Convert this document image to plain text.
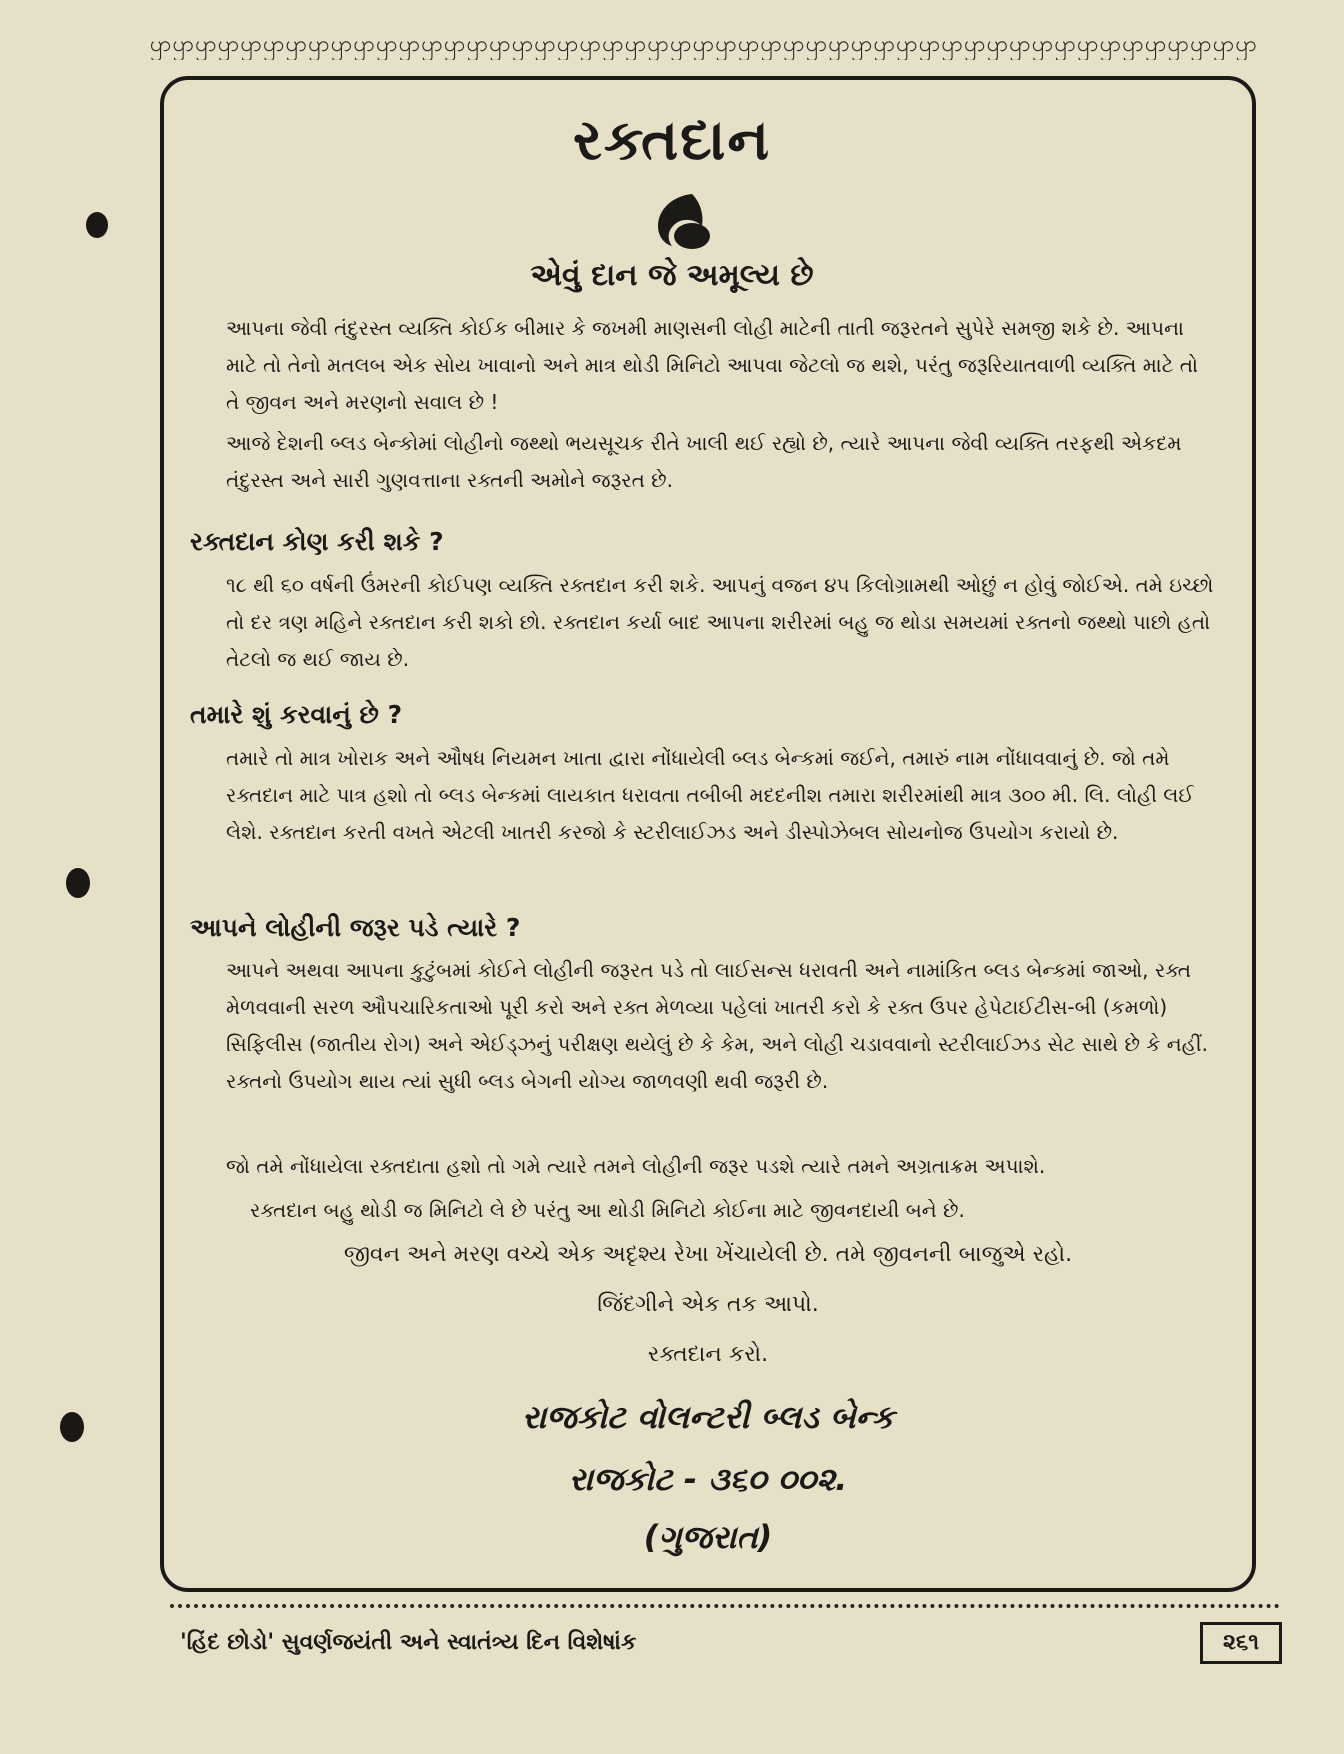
ꩥꩥꩥꩥꩥꩥꩥꩥꩥꩥꩥꩥꩥꩥꩥꩥꩥꩥꩥꩥꩥꩥꩥꩥꩥꩥꩥꩥꩥꩥꩥꩥꩥꩥꩥꩥꩥꩥꩥꩥꩥꩥꩥꩥꩥꩥꩥꩥꩥ
રક્તદાન
એવું દાન જે અમૂલ્ય છે
આપના જેવી તંદુરસ્ત વ્યક્તિ કોઈક બીમાર કે જખમી માણસની લોહી માટેની તાતી જરૂરતને સુપેરે સમજી શકે છે. આપના માટે તો તેનો મતલબ એક સોય ખાવાનો અને માત્ર થોડી મિનિટો આપવા જેટલો જ થશે, પરંતુ જરૂરિયાતવાળી વ્યક્તિ માટે તો તે જીવન અને મરણનો સવાલ છે !
આજે દેશની બ્લડ બેન્કોમાં લોહીનો જથ્થો ભયસૂચક રીતે ખાલી થઈ રહ્યો છે, ત્યારે આપના જેવી વ્યક્તિ તરફથી એકદમ તંદુરસ્ત અને સારી ગુણવત્તાના રક્તની અમોને જરૂરત છે.
રક્તદાન કોણ કરી શકે ?
૧૮ થી ૬૦ વર્ષની ઉંમરની કોઈપણ વ્યક્તિ રક્તદાન કરી શકે. આપનું વજન ૪૫ કિલોગ્રામથી ઓછું ન હોવું જોઈએ. તમે ઇચ્છો તો દર ત્રણ મહિને રક્તદાન કરી શકો છો. રક્તદાન કર્યા બાદ આપના શરીરમાં બહુ જ થોડા સમયમાં રક્તનો જથ્થો પાછો હતો તેટલો જ થઈ જાય છે.
તમારે શું કરવાનું છે ?
તમારે તો માત્ર ખોરાક અને ઔષધ નિયમન ખાતા દ્વારા નોંધાયેલી બ્લડ બેન્કમાં જઈને, તમારું નામ નોંધાવવાનું છે. જો તમે રક્તદાન માટે પાત્ર હશો તો બ્લડ બેન્કમાં લાયકાત ધરાવતા તબીબી મદદનીશ તમારા શરીરમાંથી માત્ર ૩૦૦ મી. લિ. લોહી લઈ લેશે. રક્તદાન કરતી વખતે એટલી ખાતરી કરજો કે સ્ટરીલાઈઝડ અને ડીસ્પોઝેબલ સોયનોજ ઉપયોગ કરાયો છે.
આપને લોહીની જરૂર પડે ત્યારે ?
આપને અથવા આપના કુટુંબમાં કોઈને લોહીની જરૂરત પડે તો લાઈસન્સ ધરાવતી અને નામાંકિત બ્લડ બેન્કમાં જાઓ, રક્ત મેળવવાની સરળ ઔપચારિકતાઓ પૂરી કરો અને રક્ત મેળવ્યા પહેલાં ખાતરી કરો કે રક્ત ઉપર હેપેટાઈટીસ-બી (કમળો) સિફિલીસ (જાતીય રોગ) અને એઈડ્ઝનું પરીક્ષણ થયેલું છે કે કેમ, અને લોહી ચડાવવાનો સ્ટરીલાઈઝડ સેટ સાથે છે કે નહીં. રક્તનો ઉપયોગ થાય ત્યાં સુધી બ્લડ બેગની યોગ્ય જાળવણી થવી જરૂરી છે.
જો તમે નોંધાયેલા રક્તદાતા હશો તો ગમે ત્યારે તમને લોહીની જરૂર પડશે ત્યારે તમને અગ્રતાક્રમ અપાશે.
રક્તદાન બહુ થોડી જ મિનિટો લે છે પરંતુ આ થોડી મિનિટો કોઈના માટે જીવનદાયી બને છે.
જીવન અને મરણ વચ્ચે એક અદૃશ્ય રેખા ખેંચાયેલી છે. તમે જીવનની બાજુએ રહો.
જિંદગીને એક તક આપો.
રક્તદાન કરો.
રાજકોટ વોલન્ટરી બ્લડ બેન્ક
રાજકોટ - ૩૬૦ ૦૦૨.
(ગુજરાત)
'હિંદ છોડો' સુવર્ણજયંતી અને સ્વાતંત્ર્ય દિન વિશેષાંક	૨૬૧
